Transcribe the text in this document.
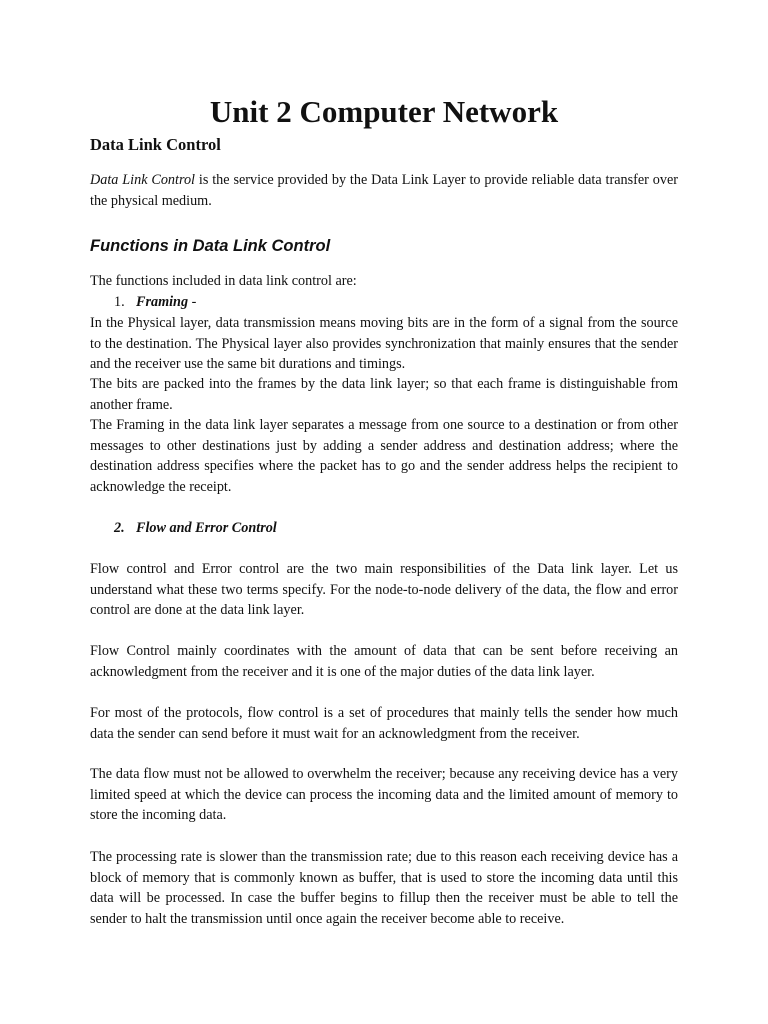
Unit 2 Computer Network
Data Link Control

Data Link Control is the service provided by the Data Link Layer to provide reliable data transfer over the physical medium.

Functions in Data Link Control

The functions included in data link control are:

1. Framing -

In the Physical layer, data transmission means moving bits are in the form of a signal from the source to the destination. The Physical layer also provides synchronization that mainly ensures that the sender and the receiver use the same bit durations and timings.

The bits are packed into the frames by the data link layer; so that each frame is distinguishable from another frame.

The Framing in the data link layer separates a message from one source to a destination or from other messages to other destinations just by adding a sender address and destination address; where the destination address specifies where the packet has to go and the sender address helps the recipient to acknowledge the receipt.

2. Flow and Error Control

Flow control and Error control are the two main responsibilities of the Data link layer. Let us understand what these two terms specify. For the node-to-node delivery of the data, the flow and error control are done at the data link layer.

Flow Control mainly coordinates with the amount of data that can be sent before receiving an acknowledgment from the receiver and it is one of the major duties of the data link layer.

For most of the protocols, flow control is a set of procedures that mainly tells the sender how much data the sender can send before it must wait for an acknowledgment from the receiver.

The data flow must not be allowed to overwhelm the receiver; because any receiving device has a very limited speed at which the device can process the incoming data and the limited amount of memory to store the incoming data.

The processing rate is slower than the transmission rate; due to this reason each receiving device has a block of memory that is commonly known as buffer, that is used to store the incoming data until this data will be processed. In case the buffer begins to fillup then the receiver must be able to tell the sender to halt the transmission until once again the receiver become able to receive.
